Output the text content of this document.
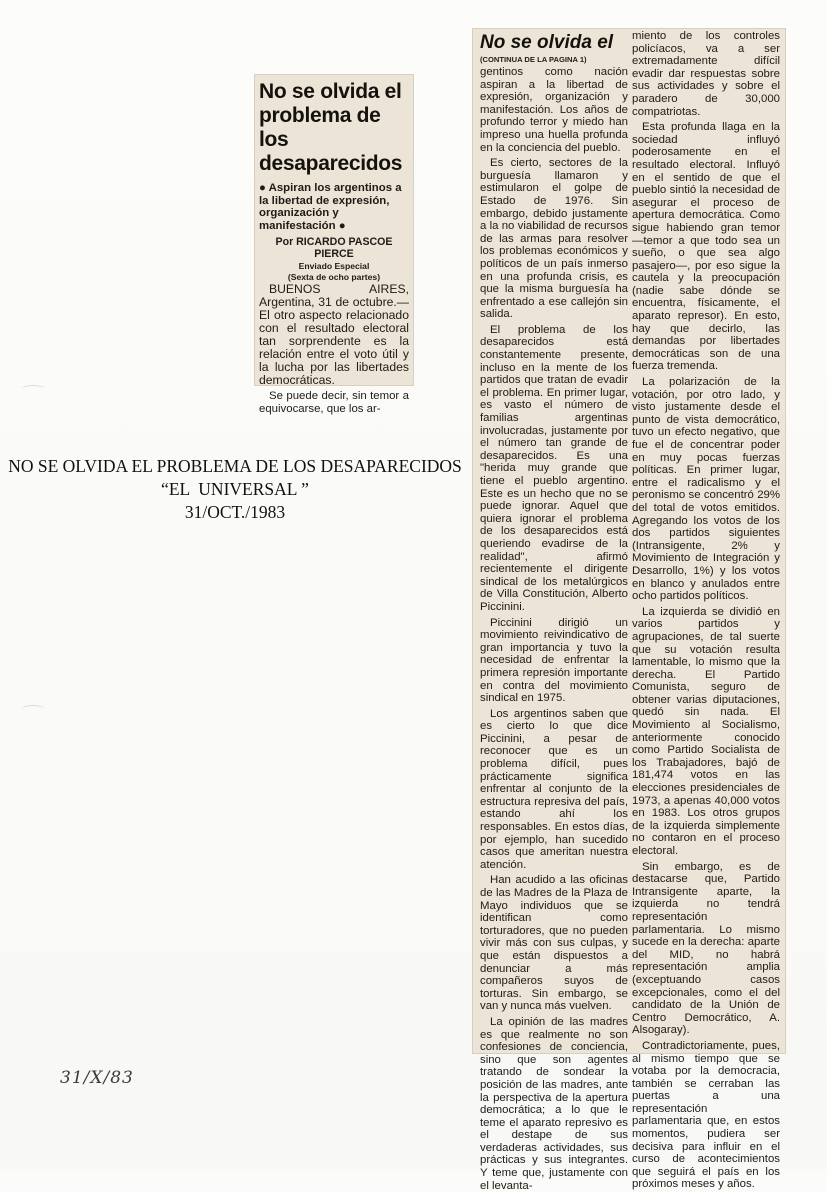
No se olvida el problema de los desaparecidos
● Aspiran los argentinos a la libertad de expresión, organización y manifestación ●
Por RICARDO PASCOE PIERCE
Enviado Especial
(Sexta de ocho partes)

BUENOS AIRES, Argentina, 31 de octubre.— El otro aspecto relacionado con el resultado electoral tan sorprendente es la relación entre el voto útil y la lucha por las libertades democráticas.

Se puede decir, sin temor a equivocarse, que los ar-

No se olvida el
(CONTINUA DE LA PAGINA 1)

gentinos como nación aspiran a la libertad de expresión, organización y manifestación. Los años de profundo terror y miedo han impreso una huella profunda en la conciencia del pueblo.

Es cierto, sectores de la burguesía llamaron y estimularon el golpe de Estado de 1976. Sin embargo, debido justamente a la no viabilidad de recursos de las armas para resolver los problemas económicos y políticos de un país inmerso en una profunda crisis, es que la misma burguesía ha enfrentado a ese callejón sin salida.

El problema de los desaparecidos está constantemente presente, incluso en la mente de los partidos que tratan de evadir el problema. En primer lugar, es vasto el número de familias argentinas involucradas, justamente por el número tan grande de desaparecidos. Es una "herida muy grande que tiene el pueblo argentino. Este es un hecho que no se puede ignorar. Aquel que quiera ignorar el problema de los desaparecidos está queriendo evadirse de la realidad", afirmó recientemente el dirigente sindical de los metalúrgicos de Villa Constitución, Alberto Piccinini.

Piccinini dirigió un movimiento reivindicativo de gran importancia y tuvo la necesidad de enfrentar la primera represión importante en contra del movimiento sindical en 1975.

Los argentinos saben que es cierto lo que dice Piccinini, a pesar de reconocer que es un problema difícil, pues prácticamente significa enfrentar al conjunto de la estructura represiva del país, estando ahí los responsables. En estos días, por ejemplo, han sucedido casos que ameritan nuestra atención.

Han acudido a las oficinas de las Madres de la Plaza de Mayo individuos que se identifican como torturadores, que no pueden vivir más con sus culpas, y que están dispuestos a denunciar a más compañeros suyos de torturas. Sin embargo, se van y nunca más vuelven.

La opinión de las madres es que realmente no son confesiones de conciencia, sino que son agentes tratando de sondear la posición de las madres, ante la perspectiva de la apertura democrática; a lo que le teme el aparato represivo es el destape de sus verdaderas actividades, sus prácticas y sus integrantes. Y teme que, justamente con el levanta-

miento de los controles policíacos, va a ser extremadamente difícil evadir dar respuestas sobre sus actividades y sobre el paradero de 30,000 compatriotas.

Esta profunda llaga en la sociedad influyó poderosamente en el resultado electoral. Influyó en el sentido de que el pueblo sintió la necesidad de asegurar el proceso de apertura democrática. Como sigue habiendo gran temor —temor a que todo sea un sueño, o que sea algo pasajero—, por eso sigue la cautela y la preocupación (nadie sabe dónde se encuentra, físicamente, el aparato represor). En esto, hay que decirlo, las demandas por libertades democráticas son de una fuerza tremenda.

La polarización de la votación, por otro lado, y visto justamente desde el punto de vista democrático, tuvo un efecto negativo, que fue el de concentrar poder en muy pocas fuerzas políticas. En primer lugar, entre el radicalismo y el peronismo se concentró 29% del total de votos emitidos. Agregando los votos de los dos partidos siguientes (Intransigente, 2% y Movimiento de Integración y Desarrollo, 1%) y los votos en blanco y anulados entre ocho partidos políticos.

La izquierda se dividió en varios partidos y agrupaciones, de tal suerte que su votación resulta lamentable, lo mismo que la derecha. El Partido Comunista, seguro de obtener varias diputaciones, quedó sin nada. El Movimiento al Socialismo, anteriormente conocido como Partido Socialista de los Trabajadores, bajó de 181,474 votos en las elecciones presidenciales de 1973, a apenas 40,000 votos en 1983. Los otros grupos de la izquierda simplemente no contaron en el proceso electoral.

Sin embargo, es de destacarse que, Partido Intransigente aparte, la izquierda no tendrá representación parlamentaria. Lo mismo sucede en la derecha: aparte del MID, no habrá representación amplia (exceptuando casos excepcionales, como el del candidato de la Unión de Centro Democrático, A. Alsogaray).

Contradictoriamente, pues, al mismo tiempo que se votaba por la democracia, también se cerraban las puertas a una representación parlamentaria que, en estos momentos, pudiera ser decisiva para influir en el curso de acontecimientos que seguirá el país en los próximos meses y años.

NO SE OLVIDA EL PROBLEMA DE LOS DESAPARECIDOS
“EL  UNIVERSAL ”
31/OCT./1983
31/X/83
